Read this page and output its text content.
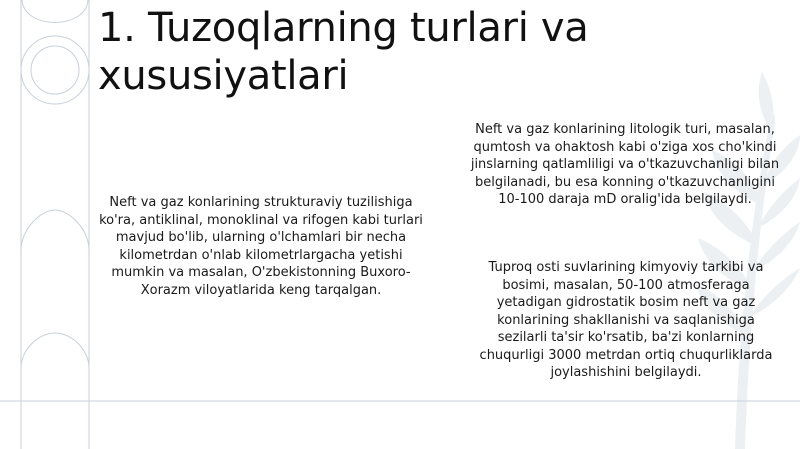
1. Tuzoqlarning turlari va xususiyatlari

Neft va gaz konlarining strukturaviy tuzilishiga ko'ra, antiklinal, monoklinal va rifogen kabi turlari mavjud bo'lib, ularning o'lchamlari bir necha kilometrdan o'nlab kilometrlargacha yetishi mumkin va masalan, O'zbekistonning Buxoro-Xorazm viloyatlarida keng tarqalgan.

Neft va gaz konlarining litologik turi, masalan, qumtosh va ohaktosh kabi o'ziga xos cho'kindi jinslarning qatlamliligi va o'tkazuvchanligi bilan belgilanadi, bu esa konning o'tkazuvchanligini 10-100 daraja mD oralig'ida belgilaydi.

Tuproq osti suvlarining kimyoviy tarkibi va bosimi, masalan, 50-100 atmosferaga yetadigan gidrostatik bosim neft va gaz konlarining shakllanishi va saqlanishiga sezilarli ta'sir ko'rsatib, ba'zi konlarning chuqurligi 3000 metrdan ortiq chuqurliklarda joylashishini belgilaydi.
